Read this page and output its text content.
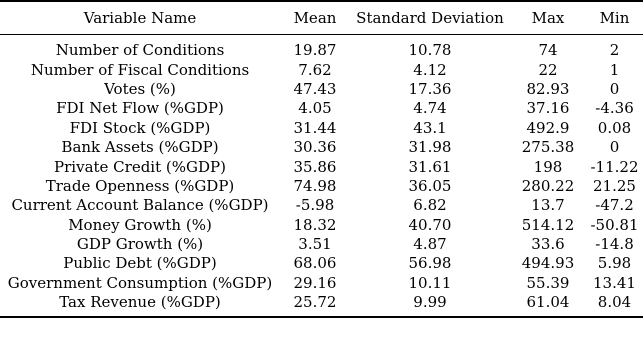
Variable Name	Mean	Standard Deviation	Max	Min
Number of Conditions	19.87	10.78	74	2
Number of Fiscal Conditions	7.62	4.12	22	1
Votes (%)	47.43	17.36	82.93	0
FDI Net Flow (%GDP)	4.05	4.74	37.16	-4.36
FDI Stock (%GDP)	31.44	43.1	492.9	0.08
Bank Assets (%GDP)	30.36	31.98	275.38	0
Private Credit (%GDP)	35.86	31.61	198	-11.22
Trade Openness (%GDP)	74.98	36.05	280.22	21.25
Current Account Balance (%GDP)	-5.98	6.82	13.7	-47.2
Money Growth (%)	18.32	40.70	514.12	-50.81
GDP Growth (%)	3.51	4.87	33.6	-14.8
Public Debt (%GDP)	68.06	56.98	494.93	5.98
Government Consumption (%GDP)	29.16	10.11	55.39	13.41
Tax Revenue (%GDP)	25.72	9.99	61.04	8.04
